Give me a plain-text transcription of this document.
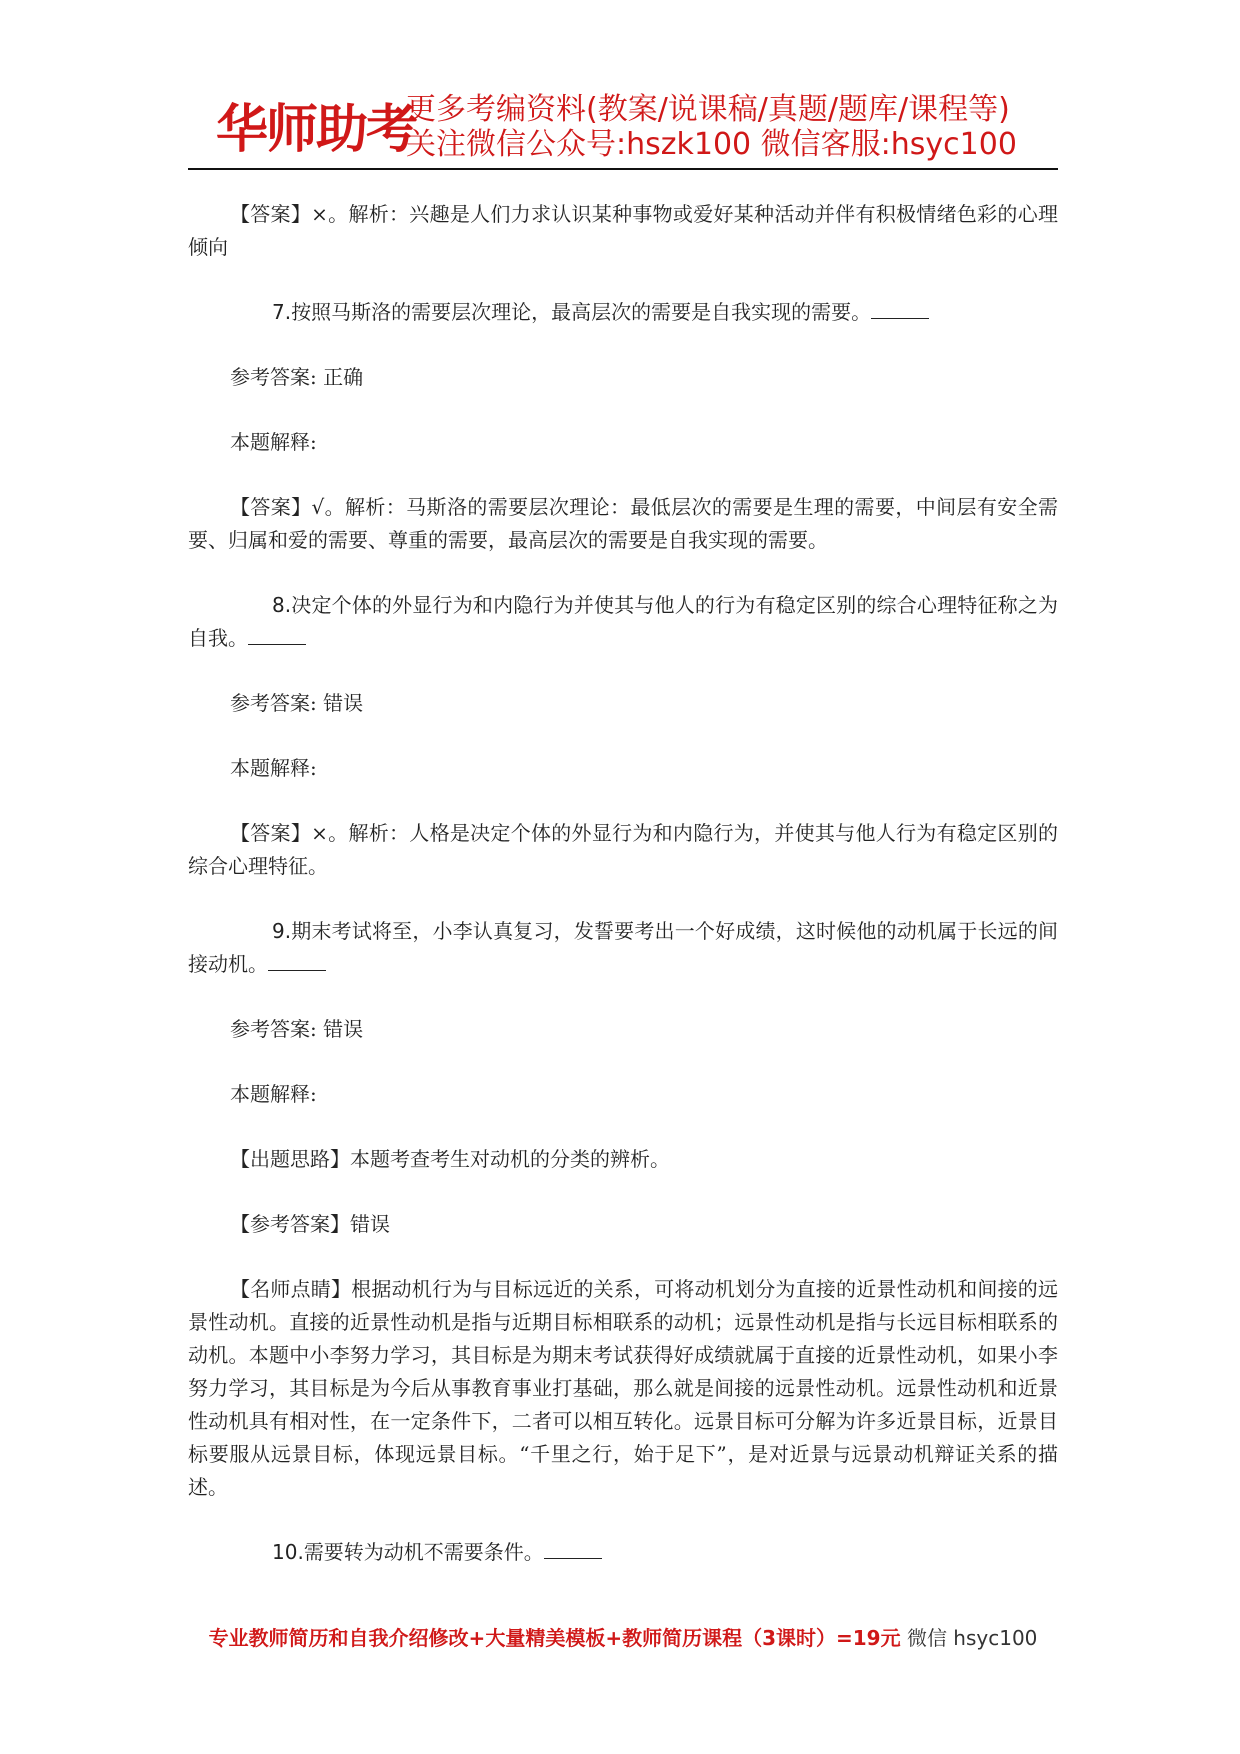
华师助考
更多考编资料(教案/说课稿/真题/题库/课程等)
关注微信公众号:hszk100 微信客服:hsyc100

【答案】×。解析：兴趣是人们力求认识某种事物或爱好某种活动并伴有积极情绪色彩的心理倾向

7.按照马斯洛的需要层次理论，最高层次的需要是自我实现的需要。

参考答案: 正确

本题解释:

【答案】√。解析：马斯洛的需要层次理论：最低层次的需要是生理的需要，中间层有安全需要、归属和爱的需要、尊重的需要，最高层次的需要是自我实现的需要。

8.决定个体的外显行为和内隐行为并使其与他人的行为有稳定区别的综合心理特征称之为自我。

参考答案: 错误

本题解释:

【答案】×。解析：人格是决定个体的外显行为和内隐行为，并使其与他人行为有稳定区别的综合心理特征。

9.期末考试将至，小李认真复习，发誓要考出一个好成绩，这时候他的动机属于长远的间接动机。

参考答案: 错误

本题解释:

【出题思路】本题考查考生对动机的分类的辨析。

【参考答案】错误

【名师点睛】根据动机行为与目标远近的关系，可将动机划分为直接的近景性动机和间接的远景性动机。直接的近景性动机是指与近期目标相联系的动机；远景性动机是指与长远目标相联系的动机。本题中小李努力学习，其目标是为期末考试获得好成绩就属于直接的近景性动机，如果小李努力学习，其目标是为今后从事教育事业打基础，那么就是间接的远景性动机。远景性动机和近景性动机具有相对性，在一定条件下，二者可以相互转化。远景目标可分解为许多近景目标，近景目标要服从远景目标，体现远景目标。“千里之行，始于足下”，是对近景与远景动机辩证关系的描述。

10.需要转为动机不需要条件。

专业教师简历和自我介绍修改+大量精美模板+教师简历课程（3课时）=19元 微信 hsyc100
